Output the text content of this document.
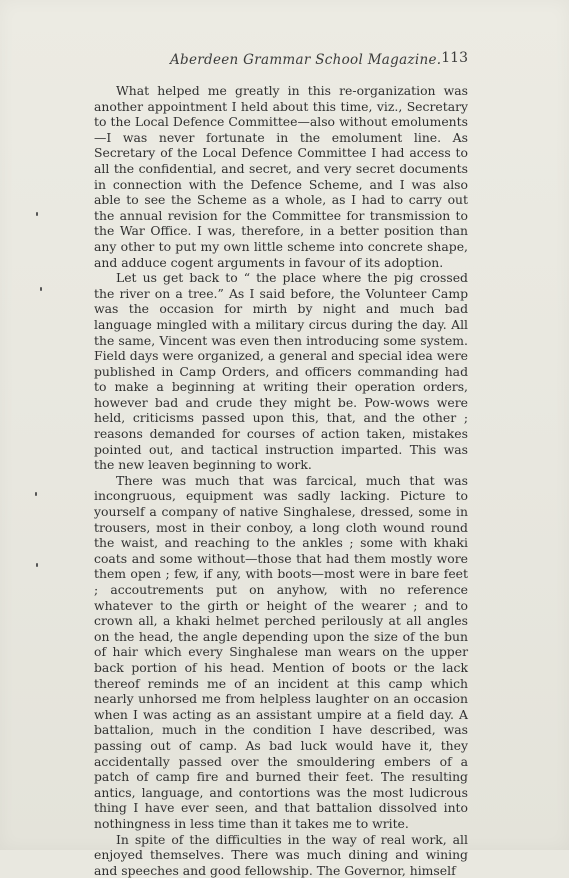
Aberdeen Grammar School Magazine. 113

What helped me greatly in this re-organization was another appointment I held about this time, viz., Secretary to the Local Defence Committee—also without emoluments—I was never fortunate in the emolument line. As Secretary of the Local Defence Committee I had access to all the confidential, and secret, and very secret documents in connection with the Defence Scheme, and I was also able to see the Scheme as a whole, as I had to carry out the annual revision for the Committee for transmission to the War Office. I was, therefore, in a better position than any other to put my own little scheme into concrete shape, and adduce cogent arguments in favour of its adoption.

Let us get back to “ the place where the pig crossed the river on a tree.” As I said before, the Volunteer Camp was the occasion for mirth by night and much bad language mingled with a military circus during the day. All the same, Vincent was even then introducing some system. Field days were organized, a general and special idea were published in Camp Orders, and officers commanding had to make a beginning at writing their operation orders, however bad and crude they might be. Pow-wows were held, criticisms passed upon this, that, and the other ; reasons demanded for courses of action taken, mistakes pointed out, and tactical instruction imparted. This was the new leaven beginning to work.

There was much that was farcical, much that was incongruous, equipment was sadly lacking. Picture to yourself a company of native Singhalese, dressed, some in trousers, most in their conboy, a long cloth wound round the waist, and reaching to the ankles ; some with khaki coats and some without—those that had them mostly wore them open ; few, if any, with boots—most were in bare feet ; accoutrements put on anyhow, with no reference whatever to the girth or height of the wearer ; and to crown all, a khaki helmet perched perilously at all angles on the head, the angle depending upon the size of the bun of hair which every Singhalese man wears on the upper back portion of his head. Mention of boots or the lack thereof reminds me of an incident at this camp which nearly unhorsed me from helpless laughter on an occasion when I was acting as an assistant umpire at a field day. A battalion, much in the condition I have described, was passing out of camp. As bad luck would have it, they accidentally passed over the smouldering embers of a patch of camp fire and burned their feet. The resulting antics, language, and contortions was the most ludicrous thing I have ever seen, and that battalion dissolved into nothingness in less time than it takes me to write.

In spite of the difficulties in the way of real work, all enjoyed themselves. There was much dining and wining and speeches and good fellowship. The Governor, himself
